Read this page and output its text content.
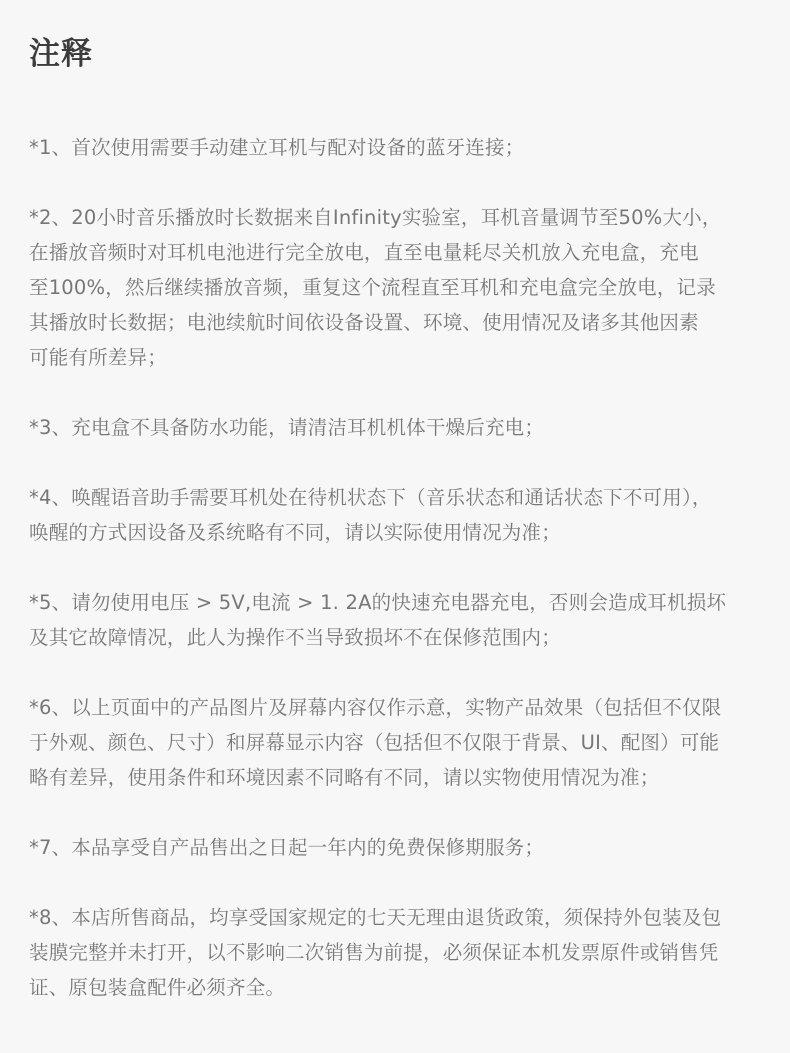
注释

*1、首次使用需要手动建立耳机与配对设备的蓝牙连接；

*2、20小时音乐播放时长数据来自Infinity实验室，耳机音量调节至50%大小，
在播放音频时对耳机电池进行完全放电，直至电量耗尽关机放入充电盒，充电
至100%，然后继续播放音频，重复这个流程直至耳机和充电盒完全放电，记录
其播放时长数据；电池续航时间依设备设置、环境、使用情况及诸多其他因素
可能有所差异；

*3、充电盒不具备防水功能，请清洁耳机机体干燥后充电；

*4、唤醒语音助手需要耳机处在待机状态下（音乐状态和通话状态下不可用），
唤醒的方式因设备及系统略有不同，请以实际使用情况为准；

*5、请勿使用电压 > 5V,电流 > 1. 2A的快速充电器充电，否则会造成耳机损坏
及其它故障情况，此人为操作不当导致损坏不在保修范围内；

*6、以上页面中的产品图片及屏幕内容仅作示意，实物产品效果（包括但不仅限
于外观、颜色、尺寸）和屏幕显示内容（包括但不仅限于背景、UI、配图）可能
略有差异，使用条件和环境因素不同略有不同，请以实物使用情况为准；

*7、本品享受自产品售出之日起一年内的免费保修期服务；

*8、本店所售商品，均享受国家规定的七天无理由退货政策，须保持外包装及包
装膜完整并未打开，以不影响二次销售为前提，必须保证本机发票原件或销售凭
证、原包装盒配件必须齐全。
